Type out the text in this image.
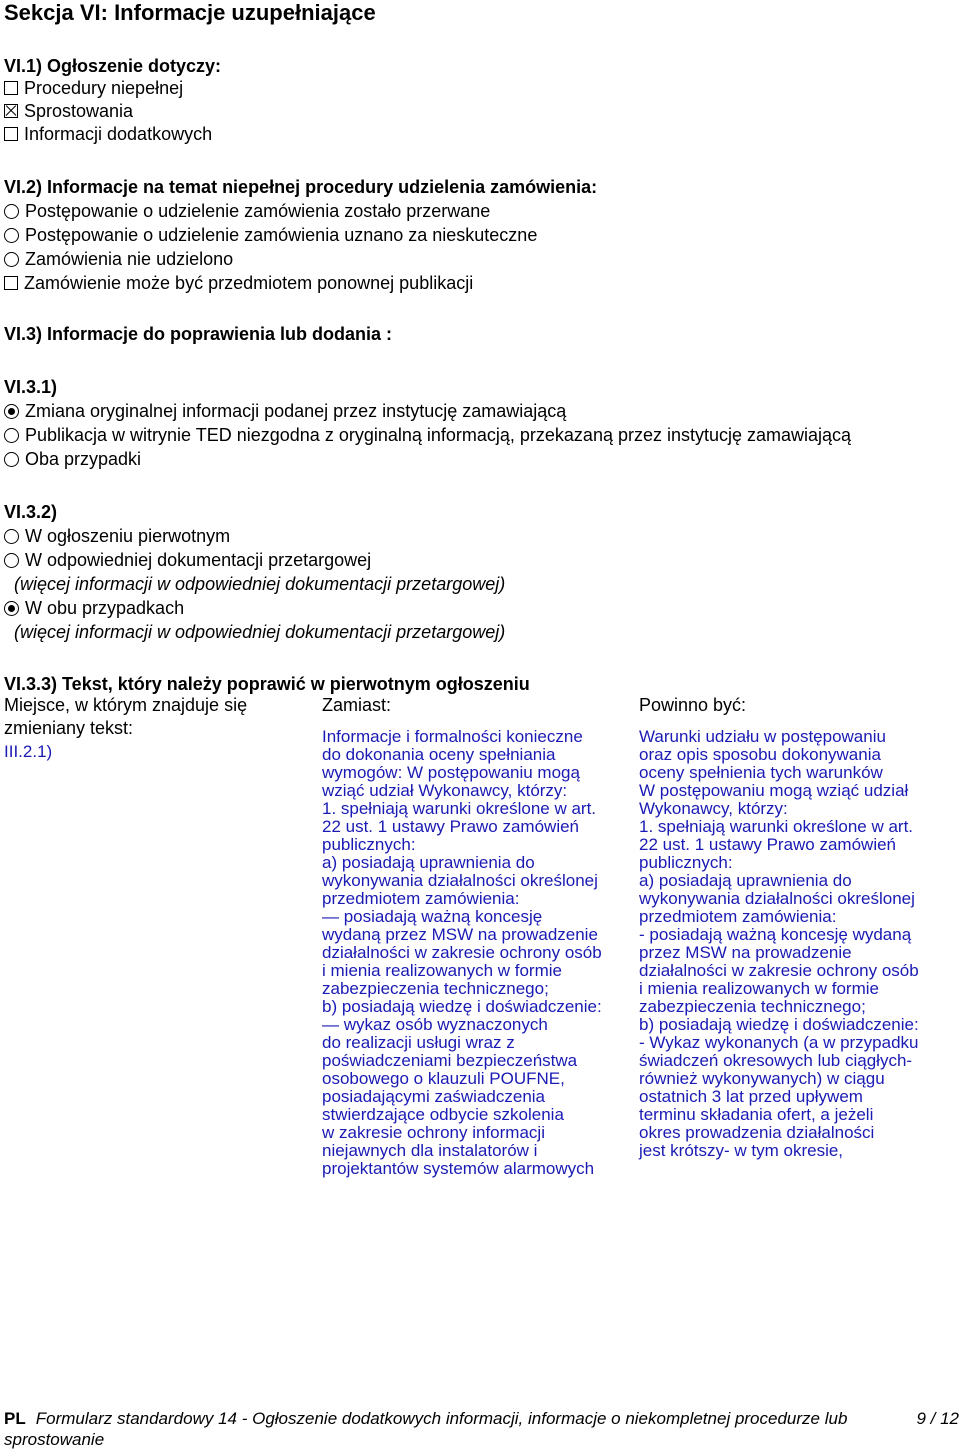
Sekcja VI: Informacje uzupełniające
VI.1) Ogłoszenie dotyczy:
Procedury niepełnej
Sprostowania
Informacji dodatkowych
VI.2) Informacje na temat niepełnej procedury udzielenia zamówienia:
Postępowanie o udzielenie zamówienia zostało przerwane
Postępowanie o udzielenie zamówienia uznano za nieskuteczne
Zamówienia nie udzielono
Zamówienie może być przedmiotem ponownej publikacji
VI.3) Informacje do poprawienia lub dodania :
VI.3.1)
Zmiana oryginalnej informacji podanej przez instytucję zamawiającą
Publikacja w witrynie TED niezgodna z oryginalną informacją, przekazaną przez instytucję zamawiającą
Oba przypadki
VI.3.2)
W ogłoszeniu pierwotnym
W odpowiedniej dokumentacji przetargowej
(więcej informacji w odpowiedniej dokumentacji przetargowej)
W obu przypadkach
(więcej informacji w odpowiedniej dokumentacji przetargowej)
VI.3.3) Tekst, który należy poprawić w pierwotnym ogłoszeniu
Miejsce, w którym znajduje się
zmieniany tekst:
III.2.1)
Zamiast:	Powinno być:
Informacje i formalności konieczne
do dokonania oceny spełniania
wymogów: W postępowaniu mogą
wziąć udział Wykonawcy, którzy:
1. spełniają warunki określone w art.
22 ust. 1 ustawy Prawo zamówień
publicznych:
a) posiadają uprawnienia do
wykonywania działalności określonej
przedmiotem zamówienia:
— posiadają ważną koncesję
wydaną przez MSW na prowadzenie
działalności w zakresie ochrony osób
i mienia realizowanych w formie
zabezpieczenia technicznego;
b) posiadają wiedzę i doświadczenie:
— wykaz osób wyznaczonych
do realizacji usługi wraz z
poświadczeniami bezpieczeństwa
osobowego o klauzuli POUFNE,
posiadającymi zaświadczenia
stwierdzające odbycie szkolenia
w zakresie ochrony informacji
niejawnych dla instalatorów i
projektantów systemów alarmowych
Warunki udziału w postępowaniu
oraz opis sposobu dokonywania
oceny spełnienia tych warunków
W postępowaniu mogą wziąć udział
Wykonawcy, którzy:
1. spełniają warunki określone w art.
22 ust. 1 ustawy Prawo zamówień
publicznych:
a) posiadają uprawnienia do
wykonywania działalności określonej
przedmiotem zamówienia:
- posiadają ważną koncesję wydaną
przez MSW na prowadzenie
działalności w zakresie ochrony osób
i mienia realizowanych w formie
zabezpieczenia technicznego;
b) posiadają wiedzę i doświadczenie:
- Wykaz wykonanych (a w przypadku
świadczeń okresowych lub ciągłych-
również wykonywanych) w ciągu
ostatnich 3 lat przed upływem
terminu składania ofert, a jeżeli
okres prowadzenia działalności
jest krótszy- w tym okresie,
PL Formularz standardowy 14 - Ogłoszenie dodatkowych informacji, informacje o niekompletnej procedurze lub	9 / 12
sprostowanie
